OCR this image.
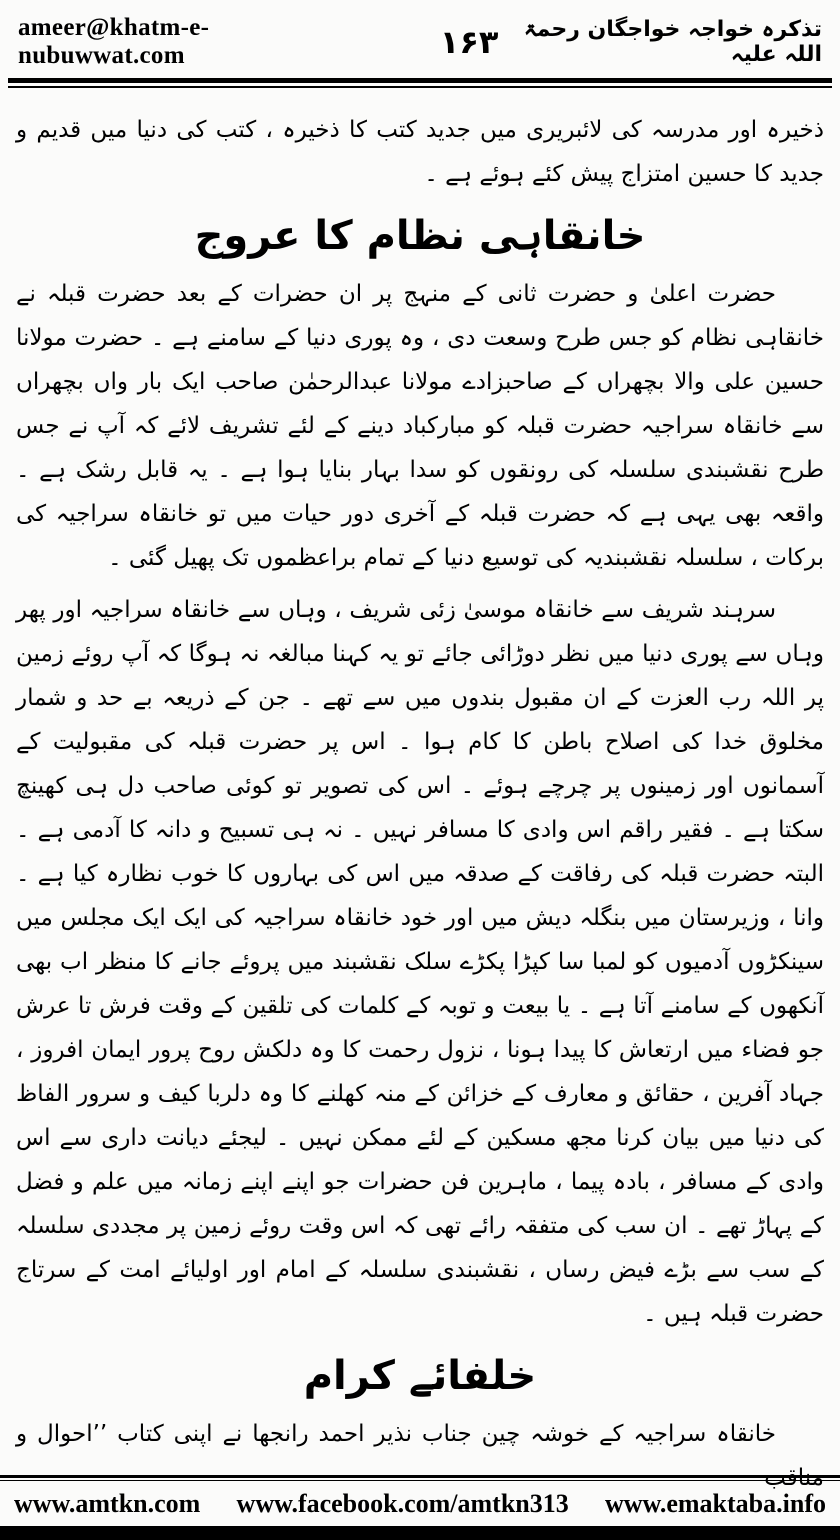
ameer@khatm-e-nubuwwat.com	۱۶۳	تذکرہ خواجہ خواجگان رحمۃ اللہ علیہ

ذخیرہ اور مدرسہ کی لائبریری میں جدید کتب کا ذخیرہ ، کتب کی دنیا میں قدیم و جدید کا حسین امتزاج پیش کئے ہوئے ہے ۔

خانقاہی نظام کا عروج

حضرت اعلیٰ و حضرت ثانی کے منہج پر ان حضرات کے بعد حضرت قبلہ نے خانقاہی نظام کو جس طرح وسعت دی ، وہ پوری دنیا کے سامنے ہے ۔ حضرت مولانا حسین علی والا بچھراں کے صاحبزادے مولانا عبدالرحمٰن صاحب ایک بار واں بچھراں سے خانقاہ سراجیہ حضرت قبلہ کو مبارکباد دینے کے لئے تشریف لائے کہ آپ نے جس طرح نقشبندی سلسلہ کی رونقوں کو سدا بہار بنایا ہوا ہے ۔ یہ قابل رشک ہے ۔ واقعہ بھی یہی ہے کہ حضرت قبلہ کے آخری دور حیات میں تو خانقاہ سراجیہ کی برکات ، سلسلہ نقشبندیہ کی توسیع دنیا کے تمام براعظموں تک پھیل گئی ۔

سرہند شریف سے خانقاہ موسیٰ زئی شریف ، وہاں سے خانقاہ سراجیہ اور پھر وہاں سے پوری دنیا میں نظر دوڑائی جائے تو یہ کہنا مبالغہ نہ ہوگا کہ آپ روئے زمین پر اللہ رب العزت کے ان مقبول بندوں میں سے تھے ۔ جن کے ذریعہ بے حد و شمار مخلوق خدا کی اصلاح باطن کا کام ہوا ۔ اس پر حضرت قبلہ کی مقبولیت کے آسمانوں اور زمینوں پر چرچے ہوئے ۔ اس کی تصویر تو کوئی صاحب دل ہی کھینچ سکتا ہے ۔ فقیر راقم اس وادی کا مسافر نہیں ۔ نہ ہی تسبیح و دانہ کا آدمی ہے ۔ البتہ حضرت قبلہ کی رفاقت کے صدقہ میں اس کی بہاروں کا خوب نظارہ کیا ہے ۔ وانا ، وزیرستان میں بنگلہ دیش میں اور خود خانقاہ سراجیہ کی ایک ایک مجلس میں سینکڑوں آدمیوں کو لمبا سا کپڑا پکڑے سلک نقشبند میں پروئے جانے کا منظر اب بھی آنکھوں کے سامنے آتا ہے ۔ یا بیعت و توبہ کے کلمات کی تلقین کے وقت فرش تا عرش جو فضاء میں ارتعاش کا پیدا ہونا ، نزول رحمت کا وہ دلکش روح پرور ایمان افروز ، جہاد آفرین ، حقائق و معارف کے خزائن کے منہ کھلنے کا وہ دلربا کیف و سرور الفاظ کی دنیا میں بیان کرنا مجھ مسکین کے لئے ممکن نہیں ۔ لیجئے دیانت داری سے اس وادی کے مسافر ، بادہ پیما ، ماہرین فن حضرات جو اپنے اپنے زمانہ میں علم و فضل کے پہاڑ تھے ۔ ان سب کی متفقہ رائے تھی کہ اس وقت روئے زمین پر مجددی سلسلہ کے سب سے بڑے فیض رساں ، نقشبندی سلسلہ کے امام اور اولیائے امت کے سرتاج حضرت قبلہ ہیں ۔

خلفائے کرام

خانقاہ سراجیہ کے خوشہ چین جناب نذیر احمد رانجھا نے اپنی کتاب ’’احوال و مناقب

www.amtkn.com www.facebook.com/amtkn313 www.emaktaba.info
